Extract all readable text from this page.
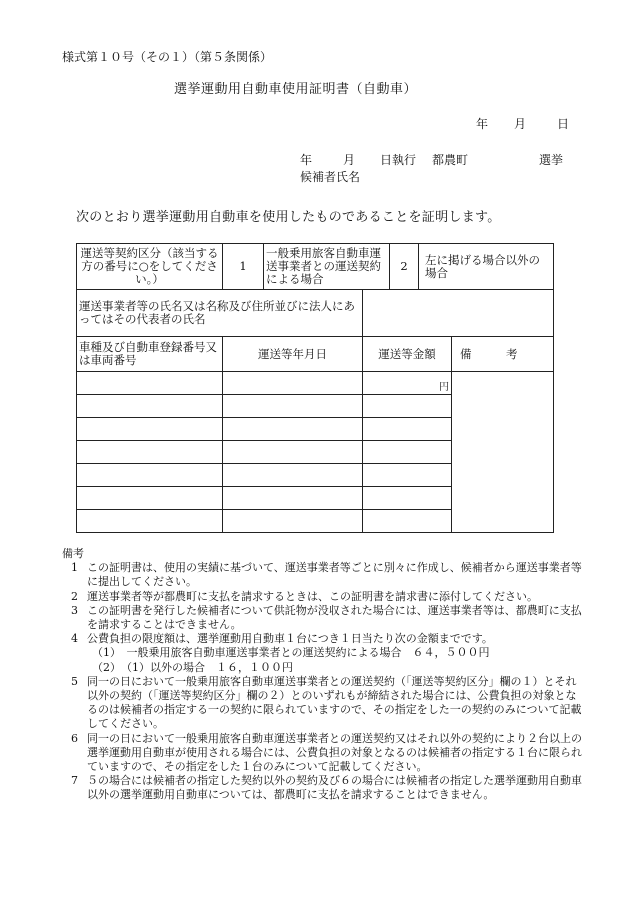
様式第１０号（その１）（第５条関係）
選挙運動用自動車使用証明書（自動車）
年 月	日
年	月 日執行 都農町	選挙
候補者氏名
次のとおり選挙運動用自動車を使用したものであることを証明します。
運送等契約区分（該当する方の番号に○をしてください。）	1	一般乗用旅客自動車運送事業者との運送契約による場合		2	左に掲げる場合以外の場合	
運送事業者等の氏名又は名称及び住所並びに法人にあってはその代表者の氏名						
車種及び自動車登録番号又は車両番号	運送等年月日		運送等金額			備　　　考
			円			

備考
1 この証明書は、使用の実績に基づいて、運送事業者等ごとに別々に作成し、候補者から運送事業者等に提出してください。
2 運送事業者等が都農町に支払を請求するときは、この証明書を請求書に添付してください。
3 この証明書を発行した候補者について供託物が没収された場合には、運送事業者等は、都農町に支払を請求することはできません。
4 公費負担の限度額は、選挙運動用自動車１台につき１日当たり次の金額までです。
（1）　一般乗用旅客自動車運送事業者との運送契約による場合　６４，５００円
（2）　（1）以外の場合　１６，１００円
5 同一の日において一般乗用旅客自動車運送事業者との運送契約（「運送等契約区分」欄の１）とそれ以外の契約（「運送等契約区分」欄の２）とのいずれもが締結された場合には、公費負担の対象となるのは候補者の指定する一の契約に限られていますので、その指定をした一の契約のみについて記載してください。
6 同一の日において一般乗用旅客自動車運送事業者との運送契約又はそれ以外の契約により２台以上の選挙運動用自動車が使用される場合には、公費負担の対象となるのは候補者の指定する１台に限られていますので、その指定をした１台のみについて記載してください。
7 ５の場合には候補者の指定した契約以外の契約及び６の場合には候補者の指定した選挙運動用自動車以外の選挙運動用自動車については、都農町に支払を請求することはできません。
